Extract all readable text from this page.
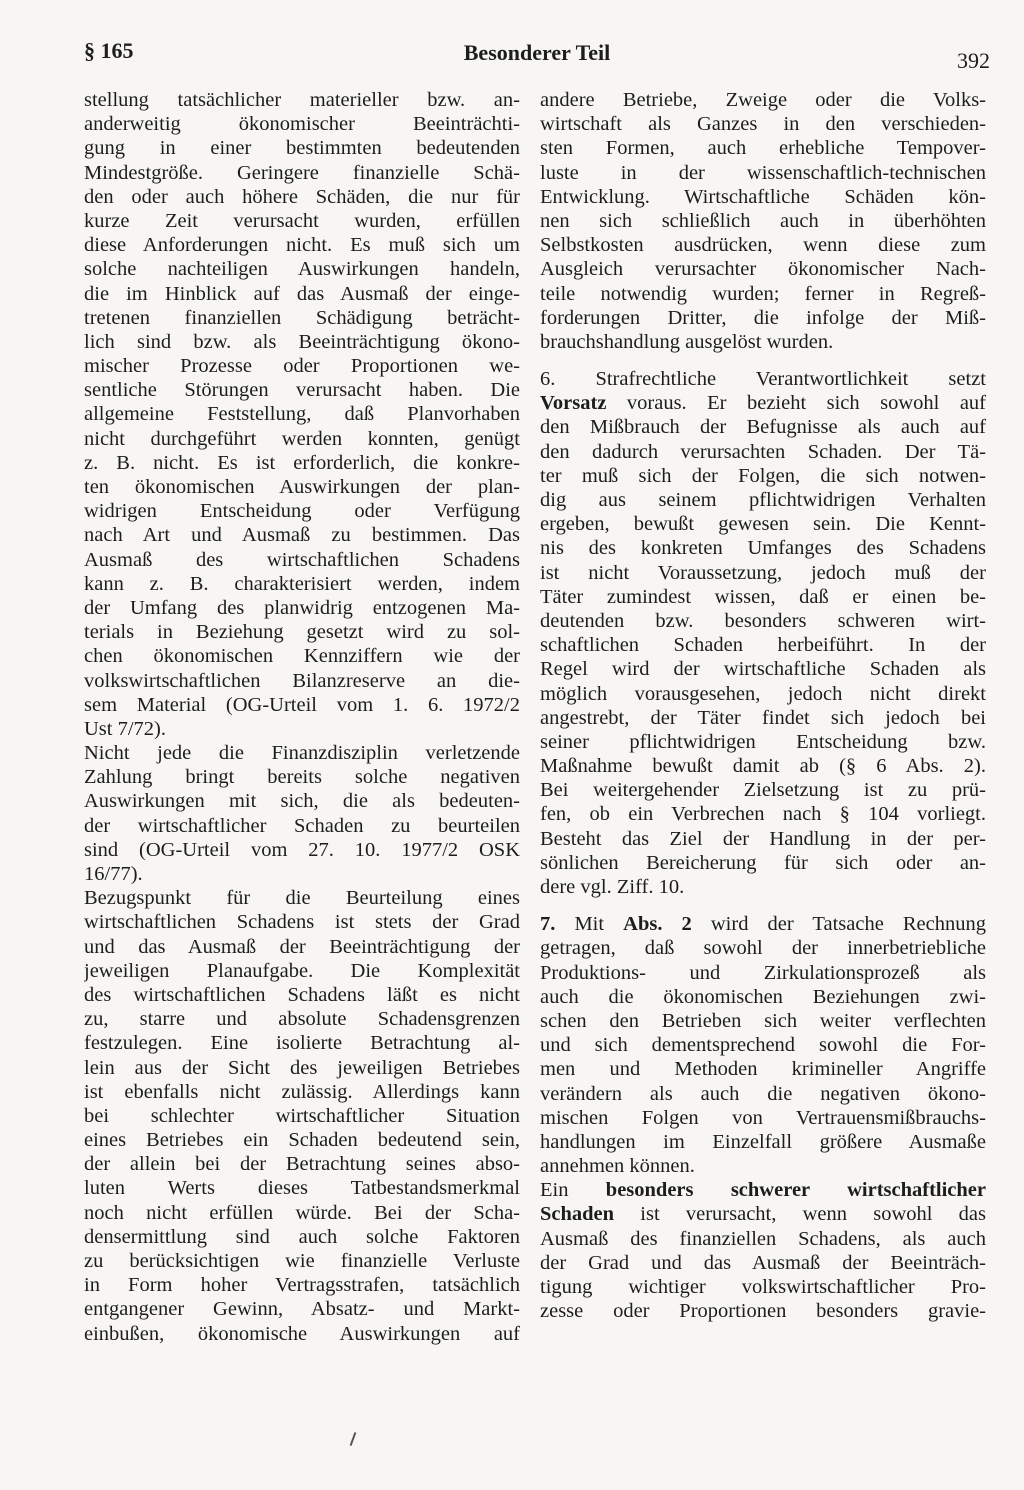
§ 165	Besonderer Teil	392
stellung tatsächlicher materieller bzw. an-
anderweitig ökonomischer Beeinträchti-
gung in einer bestimmten bedeutenden
Mindestgröße. Geringere finanzielle Schä-
den oder auch höhere Schäden, die nur für
kurze Zeit verursacht wurden, erfüllen
diese Anforderungen nicht. Es muß sich um
solche nachteiligen Auswirkungen handeln,
die im Hinblick auf das Ausmaß der einge-
tretenen finanziellen Schädigung beträcht-
lich sind bzw. als Beeinträchtigung ökono-
mischer Prozesse oder Proportionen we-
sentliche Störungen verursacht haben. Die
allgemeine Feststellung, daß Planvorhaben
nicht durchgeführt werden konnten, genügt
z. B. nicht. Es ist erforderlich, die konkre-
ten ökonomischen Auswirkungen der plan-
widrigen Entscheidung oder Verfügung
nach Art und Ausmaß zu bestimmen. Das
Ausmaß des wirtschaftlichen Schadens
kann z. B. charakterisiert werden, indem
der Umfang des planwidrig entzogenen Ma-
terials in Beziehung gesetzt wird zu sol-
chen ökonomischen Kennziffern wie der
volkswirtschaftlichen Bilanzreserve an die-
sem Material (OG-Urteil vom 1. 6. 1972/2
Ust 7/72).
Nicht jede die Finanzdisziplin verletzende
Zahlung bringt bereits solche negativen
Auswirkungen mit sich, die als bedeuten-
der wirtschaftlicher Schaden zu beurteilen
sind (OG-Urteil vom 27. 10. 1977/2 OSK
16/77).
Bezugspunkt für die Beurteilung eines
wirtschaftlichen Schadens ist stets der Grad
und das Ausmaß der Beeinträchtigung der
jeweiligen Planaufgabe. Die Komplexität
des wirtschaftlichen Schadens läßt es nicht
zu, starre und absolute Schadensgrenzen
festzulegen. Eine isolierte Betrachtung al-
lein aus der Sicht des jeweiligen Betriebes
ist ebenfalls nicht zulässig. Allerdings kann
bei schlechter wirtschaftlicher Situation
eines Betriebes ein Schaden bedeutend sein,
der allein bei der Betrachtung seines abso-
luten Werts dieses Tatbestandsmerkmal
noch nicht erfüllen würde. Bei der Scha-
densermittlung sind auch solche Faktoren
zu berücksichtigen wie finanzielle Verluste
in Form hoher Vertragsstrafen, tatsächlich
entgangener Gewinn, Absatz- und Markt-
einbußen, ökonomische Auswirkungen auf
andere Betriebe, Zweige oder die Volks-
wirtschaft als Ganzes in den verschieden-
sten Formen, auch erhebliche Tempover-
luste in der wissenschaftlich-technischen
Entwicklung. Wirtschaftliche Schäden kön-
nen sich schließlich auch in überhöhten
Selbstkosten ausdrücken, wenn diese zum
Ausgleich verursachter ökonomischer Nach-
teile notwendig wurden; ferner in Regreß-
forderungen Dritter, die infolge der Miß-
brauchshandlung ausgelöst wurden.
6. Strafrechtliche Verantwortlichkeit setzt
Vorsatz voraus. Er bezieht sich sowohl auf
den Mißbrauch der Befugnisse als auch auf
den dadurch verursachten Schaden. Der Tä-
ter muß sich der Folgen, die sich notwen-
dig aus seinem pflichtwidrigen Verhalten
ergeben, bewußt gewesen sein. Die Kennt-
nis des konkreten Umfanges des Schadens
ist nicht Voraussetzung, jedoch muß der
Täter zumindest wissen, daß er einen be-
deutenden bzw. besonders schweren wirt-
schaftlichen Schaden herbeiführt. In der
Regel wird der wirtschaftliche Schaden als
möglich vorausgesehen, jedoch nicht direkt
angestrebt, der Täter findet sich jedoch bei
seiner pflichtwidrigen Entscheidung bzw.
Maßnahme bewußt damit ab (§ 6 Abs. 2).
Bei weitergehender Zielsetzung ist zu prü-
fen, ob ein Verbrechen nach § 104 vorliegt.
Besteht das Ziel der Handlung in der per-
sönlichen Bereicherung für sich oder an-
dere vgl. Ziff. 10.
7. Mit Abs. 2 wird der Tatsache Rechnung
getragen, daß sowohl der innerbetriebliche
Produktions- und Zirkulationsprozeß als
auch die ökonomischen Beziehungen zwi-
schen den Betrieben sich weiter verflechten
und sich dementsprechend sowohl die For-
men und Methoden krimineller Angriffe
verändern als auch die negativen ökono-
mischen Folgen von Vertrauensmißbrauchs-
handlungen im Einzelfall größere Ausmaße
annehmen können.
Ein besonders schwerer wirtschaftlicher
Schaden ist verursacht, wenn sowohl das
Ausmaß des finanziellen Schadens, als auch
der Grad und das Ausmaß der Beeinträch-
tigung wichtiger volkswirtschaftlicher Pro-
zesse oder Proportionen besonders gravie-
